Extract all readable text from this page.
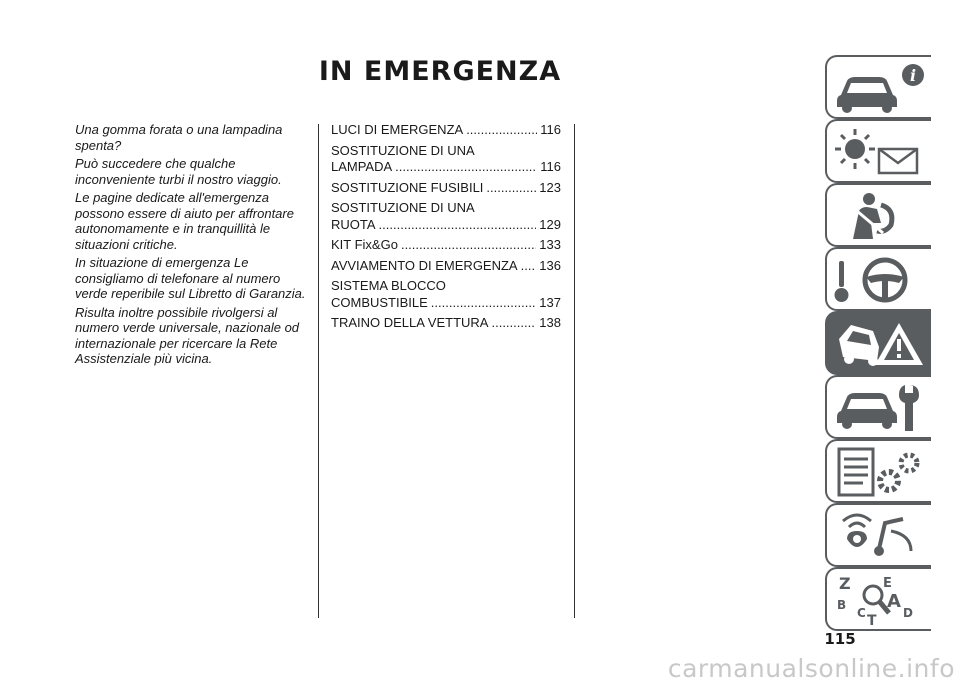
IN EMERGENZA

Una gomma forata o una lampadina spenta?

Può succedere che qualche inconveniente turbi il nostro viaggio.

Le pagine dedicate all'emergenza possono essere di aiuto per affrontare autonomamente e in tranquillità le situazioni critiche.

In situazione di emergenza Le consigliamo di telefonare al numero verde reperibile sul Libretto di Garanzia.

Risulta inoltre possibile rivolgersi al numero verde universale, nazionale od internazionale per ricercare la Rete Assistenziale più vicina.

LUCI DI EMERGENZA .....	116
SOSTITUZIONE DI UNA
LAMPADA .....	116
SOSTITUZIONE FUSIBILI .....	123
SOSTITUZIONE DI UNA
RUOTA .....	129
KIT Fix&Go .....	133
AVVIAMENTO DI EMERGENZA ..... 136
SISTEMA BLOCCO
COMBUSTIBILE .....	137
TRAINO DELLA VETTURA .....	138
i
Z E
A
B
C	D
T
115
carmanualsonline.info
